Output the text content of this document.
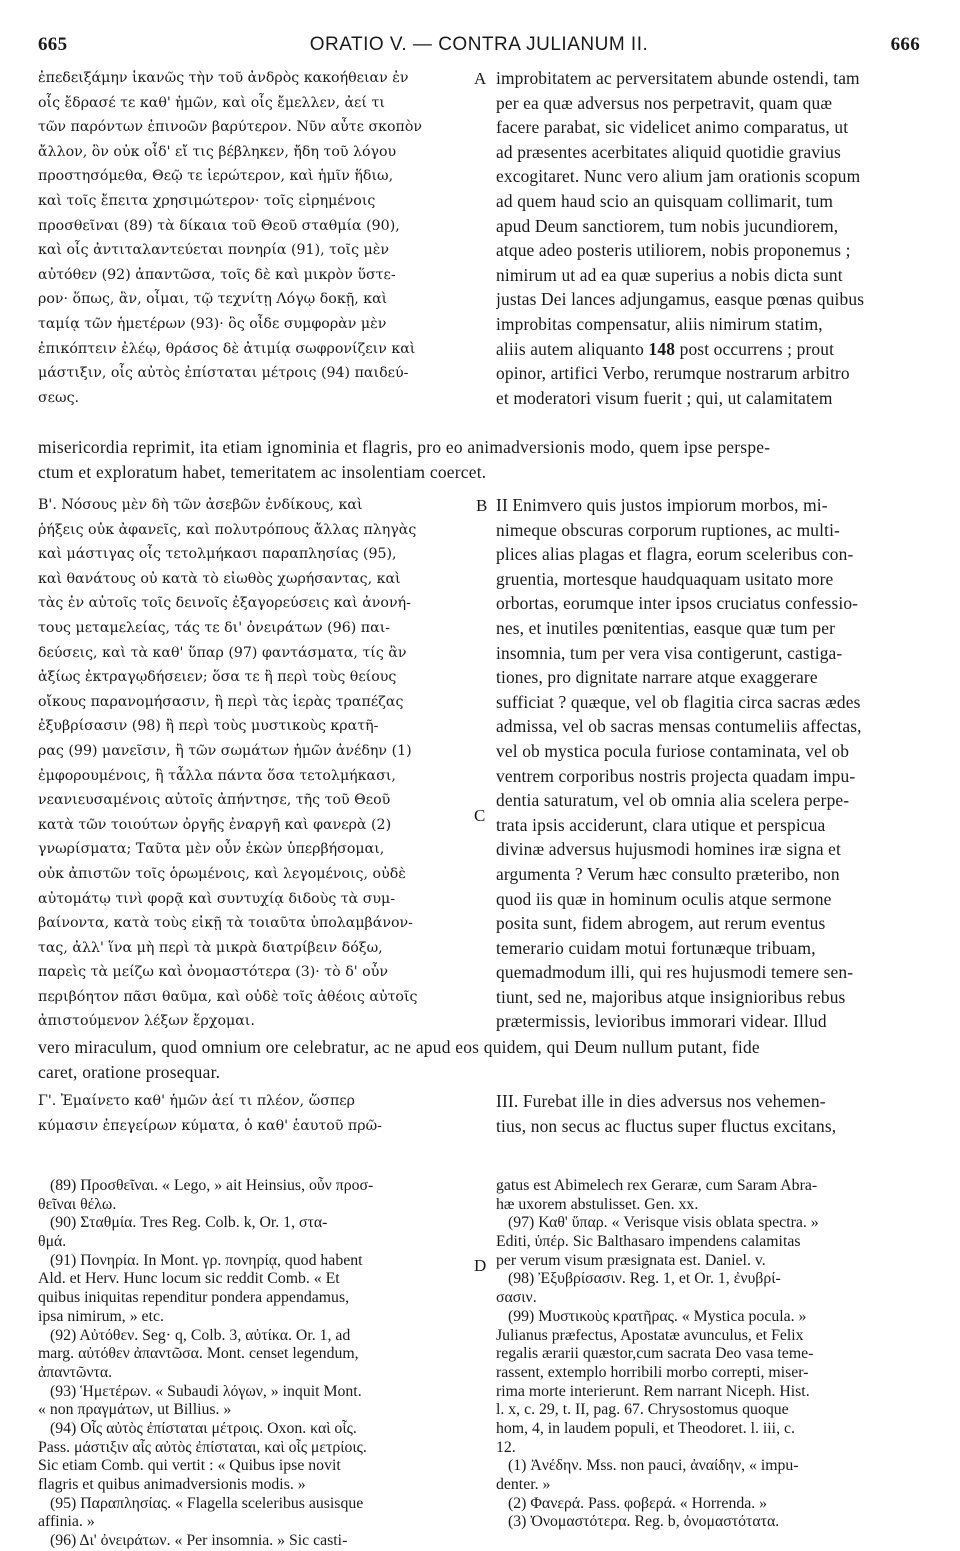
665	ORATIO V. — CONTRA JULIANUM II.	666
ἐπεδειξάμην ἱκανῶς τὴν τοῦ ἀνδρὸς κακοήθειαν ἐν
οἷς ἔδρασέ τε καθ' ἡμῶν, καὶ οἷς ἔμελλεν, ἀεί τι
τῶν παρόντων ἐπινοῶν βαρύτερον. Νῦν αὖτε σκοπὸν
ἄλλον, ὃν οὐκ οἶδ' εἴ τις βέβληκεν, ἤδη τοῦ λόγου
προστησόμεθα, Θεῷ τε ἱερώτερον, καὶ ἡμῖν ἥδιω,
καὶ τοῖς ἔπειτα χρησιμώτερον· τοῖς εἰρημένοις
προσθεῖναι (89) τὰ δίκαια τοῦ Θεοῦ σταθμία (90),
καὶ οἷς ἀντιταλαντεύεται πονηρία (91), τοῖς μὲν
αὐτόθεν (92) ἀπαντῶσα, τοῖς δὲ καὶ μικρὸν ὕστε-
ρον· ὅπως, ἂν, οἶμαι, τῷ τεχνίτῃ Λόγῳ δοκῇ, καὶ
ταμίᾳ τῶν ἡμετέρων (93)· ὃς οἶδε συμφορὰν μὲν
ἐπικόπτειν ἐλέῳ, θράσος δὲ ἀτιμίᾳ σωφρονίζειν καὶ
μάστιξιν, οἷς αὐτὸς ἐπίσταται μέτροις (94) παιδεύ-
σεως.
A improbitatem ac perversitatem abunde ostendi, tam
per ea quæ adversus nos perpetravit, quam quæ
facere parabat, sic videlicet animo comparatus, ut
ad præsentes acerbitates aliquid quotidie gravius
excogitaret. Nunc vero alium jam orationis scopum
ad quem haud scio an quisquam collimarit, tum
apud Deum sanctiorem, tum nobis jucundiorem,
atque adeo posteris utiliorem, nobis proponemus ;
nimirum ut ad ea quæ superius a nobis dicta sunt
justas Dei lances adjungamus, easque pœnas quibus
improbitas compensatur, aliis nimirum statim,
aliis autem aliquanto 148 post occurrens ; prout
opinor, artifici Verbo, rerumque nostrarum arbitro
et moderatori visum fuerit ; qui, ut calamitatem
misericordia reprimit, ita etiam ignominia et flagris, pro eo animadversionis modo, quem ipse perspe-
ctum et exploratum habet, temeritatem ac insolentiam coercet.
Β'. Νόσους μὲν δὴ τῶν ἀσεβῶν ἐνδίκους, καὶ
ῥήξεις οὐκ ἀφανεῖς, καὶ πολυτρόπους ἄλλας πληγὰς
καὶ μάστιγας οἷς τετολμήκασι παραπλησίας (95),
καὶ θανάτους οὐ κατὰ τὸ εἰωθὸς χωρήσαντας, καὶ
τὰς ἐν αὐτοῖς τοῖς δεινοῖς ἐξαγορεύσεις καὶ ἀνονή-
τους μεταμελείας, τάς τε δι' ὀνειράτων (96) παι-
δεύσεις, καὶ τὰ καθ' ὕπαρ (97) φαντάσματα, τίς ἂν
ἀξίως ἐκτραγῳδήσειεν; ὅσα τε ἢ περὶ τοὺς θείους
οἴκους παρανομήσασιν, ἢ περὶ τὰς ἱερὰς τραπέζας
ἐξυβρίσασιν (98) ἢ περὶ τοὺς μυστικοὺς κρατῆ-
ρας (99) μανεῖσιν, ἢ τῶν σωμάτων ἡμῶν ἀνέδην (1)
ἐμφορουμένοις, ἢ τἆλλα πάντα ὅσα τετολμήκασι,
νεανιευσαμένοις αὐτοῖς ἀπήντησε, τῆς τοῦ Θεοῦ
κατὰ τῶν τοιούτων ὀργῆς ἐναργῆ καὶ φανερὰ (2)
γνωρίσματα; Ταῦτα μὲν οὖν ἑκὼν ὑπερβήσομαι,
οὐκ ἀπιστῶν τοῖς ὁρωμένοις, καὶ λεγομένοις, οὐδὲ
αὐτομάτῳ τινὶ φορᾷ καὶ συντυχίᾳ διδοὺς τὰ συμ-
βαίνοντα, κατὰ τοὺς εἰκῇ τὰ τοιαῦτα ὑπολαμβάνον-
τας, ἀλλ' ἵνα μὴ περὶ τὰ μικρὰ διατρίβειν δόξω,
παρεὶς τὰ μείζω καὶ ὀνομαστότερα (3)· τὸ δ' οὖν
περιβόητον πᾶσι θαῦμα, καὶ οὐδὲ τοῖς ἀθέοις αὐτοῖς
ἀπιστούμενον λέξων ἔρχομαι.
B
C
II Enimvero quis justos impiorum morbos, mi-
nimeque obscuras corporum ruptiones, ac multi-
plices alias plagas et flagra, eorum sceleribus con-
gruentia, mortesque haudquaquam usitato more
orbortas, eorumque inter ipsos cruciatus confessio-
nes, et inutiles pœnitentias, easque quæ tum per
insomnia, tum per vera visa contigerunt, castiga-
tiones, pro dignitate narrare atque exaggerare
sufficiat ? quæque, vel ob flagitia circa sacras ædes
admissa, vel ob sacras mensas contumeliis affectas,
vel ob mystica pocula furiose contaminata, vel ob
ventrem corporibus nostris projecta quadam impu-
dentia saturatum, vel ob omnia alia scelera perpe-
trata ipsis acciderunt, clara utique et perspicua
divinæ adversus hujusmodi homines iræ signa et
argumenta ? Verum hæc consulto præteribo, non
quod iis quæ in hominum oculis atque sermone
posita sunt, fidem abrogem, aut rerum eventus
temerario cuidam motui fortunæque tribuam,
quemadmodum illi, qui res hujusmodi temere sen-
tiunt, sed ne, majoribus atque insignioribus rebus
prætermissis, levioribus immorari videar. Illud
vero miraculum, quod omnium ore celebratur, ac ne apud eos quidem, qui Deum nullum putant, fide
caret, oratione prosequar.
Γ'. Ἐμαίνετο καθ' ἡμῶν ἀεί τι πλέον, ὥσπερ
κύμασιν ἐπεγείρων κύματα, ὁ καθ' ἑαυτοῦ πρῶ-
III. Furebat ille in dies adversus nos vehemen-
tius, non secus ac fluctus super fluctus excitans,
(89) Προσθεῖναι. « Lego, » ait Heinsius, οὖν προσ-
θεῖναι θέλω.
(90) Σταθμία. Tres Reg. Colb. k, Or. 1, στα-
θμά.
(91) Πονηρία. In Mont. γρ. πονηρίᾳ, quod habent
Ald. et Herv. Hunc locum sic reddit Comb. « Et
quibus iniquitas rependitur pondera appendamus,
ipsa nimirum, » etc.
(92) Αὐτόθεν. Seg· q, Colb. 3, αὐτίκα. Or. 1, ad
marg. αὐτόθεν ἀπαντῶσα. Mont. censet legendum,
ἀπαντῶντα.
(93) Ἡμετέρων. « Subaudi λόγων, » inquit Mont.
« non πραγμάτων, ut Billius. »
(94) Οἷς αὐτὸς ἐπίσταται μέτροις. Oxon. καὶ οἷς.
Pass. μάστιξιν αἷς αὐτὸς ἐπίσταται, καὶ οἷς μετρίοις.
Sic etiam Comb. qui vertit : « Quibus ipse novit
flagris et quibus animadversionis modis. »
(95) Παραπλησίας. « Flagella sceleribus ausisque
affinia. »
(96) Δι' ὀνειράτων. « Per insomnia. » Sic casti-
D
gatus est Abimelech rex Geraræ, cum Saram Abra-
hæ uxorem abstulisset. Gen. xx.
(97) Καθ' ὕπαρ. « Verisque visis oblata spectra. »
Editi, ὑπέρ. Sic Balthasaro impendens calamitas
per verum visum præsignata est. Daniel. v.
(98) Ἐξυβρίσασιν. Reg. 1, et Or. 1, ἐνυβρί-
σασιν.
(99) Μυστικοὺς κρατῆρας. « Mystica pocula. »
Julianus præfectus, Apostatæ avunculus, et Felix
regalis ærarii quæstor,cum sacrata Deo vasa teme-
rassent, extemplo horribili morbo correpti, miser-
rima morte interierunt. Rem narrant Niceph. Hist.
l. x, c. 29, t. II, pag. 67. Chrysostomus quoque
hom, 4, in laudem populi, et Theodoret. l. iii, c.
12.
(1) Ἀνέδην. Mss. non pauci, ἀναίδην, « impu-
denter. »
(2) Φανερά. Pass. φοβερά. « Horrenda. »
(3) Ὀνομαστότερα. Reg. b, ὀνομαστότατα.
